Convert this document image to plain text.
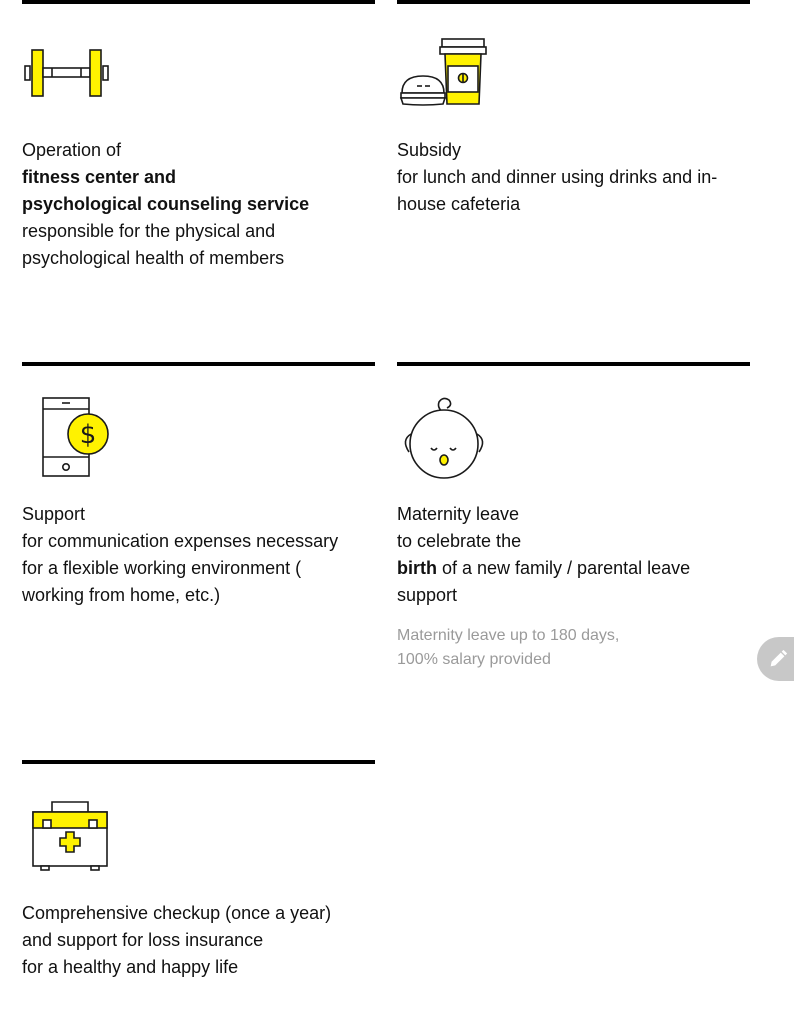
Operation of
fitness center and
psychological counseling service
responsible for the physical and
psychological health of members
Subsidy
for lunch and dinner using drinks and in-
house cafeteria
$
Support
for communication expenses necessary
for a flexible working environment (
working from home, etc.)
Maternity leave
to celebrate the
birth of a new family / parental leave
support
Maternity leave up to 180 days,
100% salary provided
Comprehensive checkup (once a year)
and support for loss insurance
for a healthy and happy life
